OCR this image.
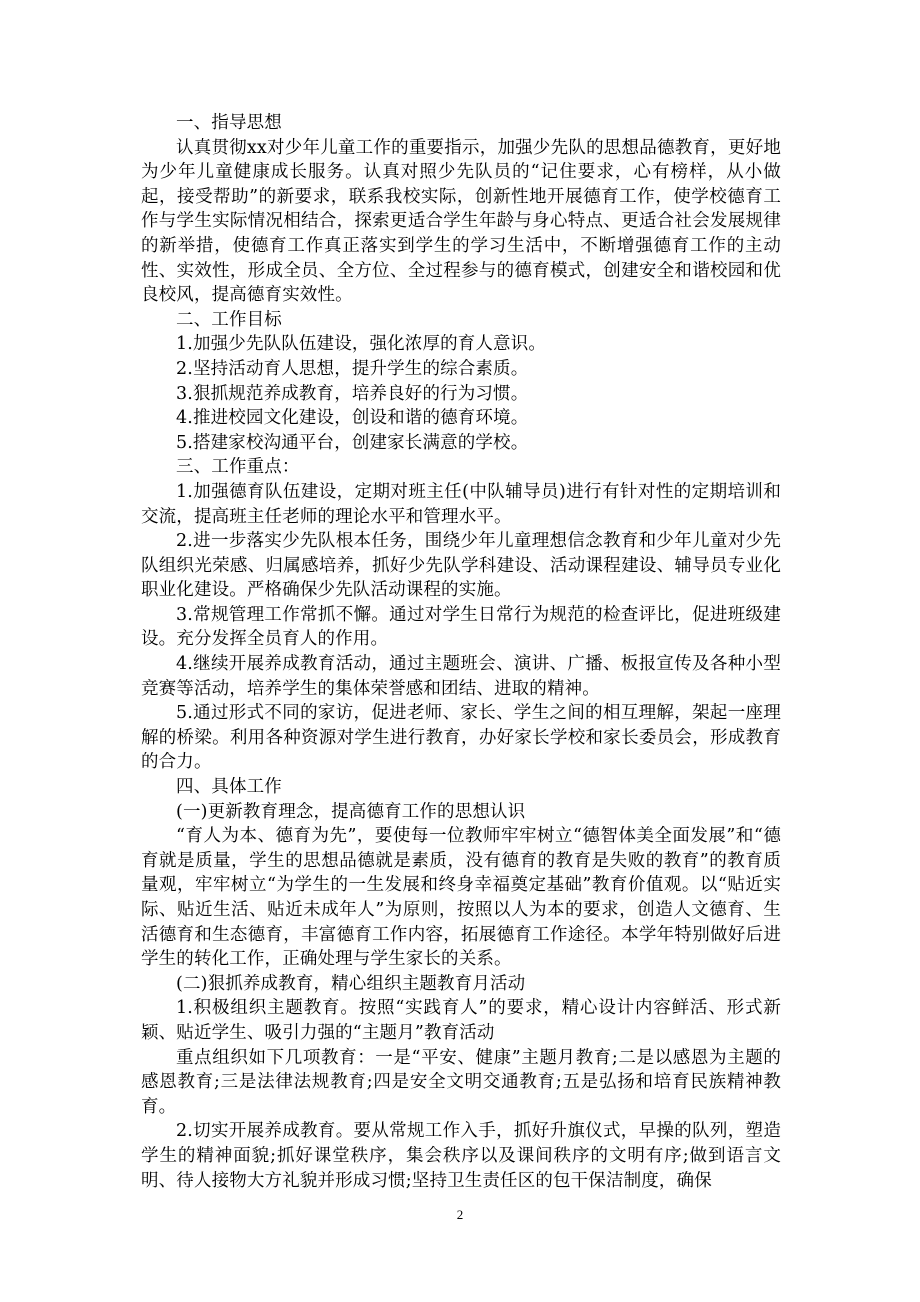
一、指导思想

认真贯彻xx对少年儿童工作的重要指示，加强少先队的思想品德教育，更好地为少年儿童健康成长服务。认真对照少先队员的“记住要求，心有榜样，从小做起，接受帮助”的新要求，联系我校实际，创新性地开展德育工作，使学校德育工作与学生实际情况相结合，探索更适合学生年龄与身心特点、更适合社会发展规律的新举措，使德育工作真正落实到学生的学习生活中，不断增强德育工作的主动性、实效性，形成全员、全方位、全过程参与的德育模式，创建安全和谐校园和优良校风，提高德育实效性。

二、工作目标

1.加强少先队队伍建设，强化浓厚的育人意识。

2.坚持活动育人思想，提升学生的综合素质。

3.狠抓规范养成教育，培养良好的行为习惯。

4.推进校园文化建设，创设和谐的德育环境。

5.搭建家校沟通平台，创建家长满意的学校。

三、工作重点：

1.加强德育队伍建设，定期对班主任(中队辅导员)进行有针对性的定期培训和交流，提高班主任老师的理论水平和管理水平。

2.进一步落实少先队根本任务，围绕少年儿童理想信念教育和少年儿童对少先队组织光荣感、归属感培养，抓好少先队学科建设、活动课程建设、辅导员专业化职业化建设。严格确保少先队活动课程的实施。

3.常规管理工作常抓不懈。通过对学生日常行为规范的检查评比，促进班级建设。充分发挥全员育人的作用。

4.继续开展养成教育活动，通过主题班会、演讲、广播、板报宣传及各种小型竞赛等活动，培养学生的集体荣誉感和团结、进取的精神。

5.通过形式不同的家访，促进老师、家长、学生之间的相互理解，架起一座理解的桥梁。利用各种资源对学生进行教育，办好家长学校和家长委员会，形成教育的合力。

四、具体工作

(一)更新教育理念，提高德育工作的思想认识

“育人为本、德育为先”，要使每一位教师牢牢树立“德智体美全面发展”和“德育就是质量，学生的思想品德就是素质，没有德育的教育是失败的教育”的教育质量观，牢牢树立“为学生的一生发展和终身幸福奠定基础”教育价值观。以“贴近实际、贴近生活、贴近未成年人”为原则，按照以人为本的要求，创造人文德育、生活德育和生态德育，丰富德育工作内容，拓展德育工作途径。本学年特别做好后进学生的转化工作，正确处理与学生家长的关系。

(二)狠抓养成教育，精心组织主题教育月活动

1.积极组织主题教育。按照“实践育人”的要求，精心设计内容鲜活、形式新颖、贴近学生、吸引力强的“主题月”教育活动

重点组织如下几项教育：一是“平安、健康”主题月教育;二是以感恩为主题的感恩教育;三是法律法规教育;四是安全文明交通教育;五是弘扬和培育民族精神教育。

2.切实开展养成教育。要从常规工作入手，抓好升旗仪式，早操的队列，塑造学生的精神面貌;抓好课堂秩序，集会秩序以及课间秩序的文明有序;做到语言文明、待人接物大方礼貌并形成习惯;坚持卫生责任区的包干保洁制度，确保

2
